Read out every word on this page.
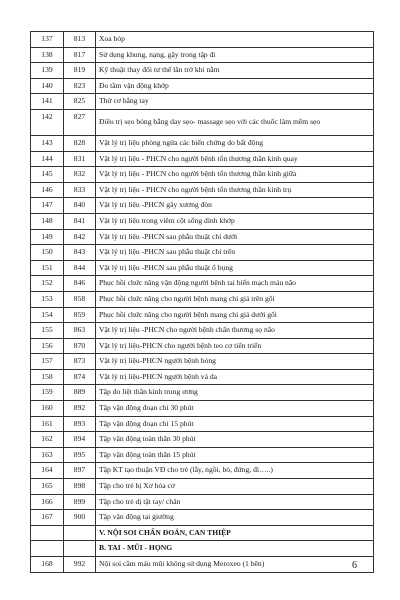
137	813	Xoa bóp
138	817	Sử dụng khung, nạng, gậy trong tập đi
139	819	Kỹ thuật thay đổi tư thế lăn trở khi nằm
140	823	Đo tầm vận động khớp
141	825	Thử cơ bằng tay
142	827	Điều trị sẹo bỏng bằng day sẹo- massage sẹo với các thuốc làm mềm sẹo
143	828	Vật lý trị liệu phòng ngừa các biến chứng do bất động
144	831	Vật lý trị liệu - PHCN cho người bệnh tổn thương thần kinh quay
145	832	Vật lý trị liệu - PHCN cho người bệnh tổn thương thần kinh giữa
146	833	Vật lý trị liệu - PHCN cho người bệnh tổn thương thần kinh trụ
147	840	Vật lý trị liệu -PHCN gãy xương đòn
148	841	Vật lý trị liệu trong viêm cột sống dính khớp
149	842	Vật lý trị liệu -PHCN sau phẫu thuật chi dưới
150	843	Vật lý trị liệu -PHCN sau phẫu thuật chi trên
151	844	Vật lý trị liệu -PHCN sau phẫu thuật ổ bụng
152	846	Phục hồi chức năng vận động người bệnh tai biến mạch máu não
153	858	Phục hồi chức năng cho người bệnh mang chi giả trên gối
154	859	Phục hồi chức năng cho người bệnh mang chi giả dưới gối
155	863	Vật lý trị liệu -PHCN cho người bệnh chấn thương sọ não
156	870	Vật lý trị liệu-PHCN cho người bệnh teo cơ tiến triển
157	873	Vật lý trị liệu-PHCN người bệnh bỏng
158	874	Vật lý trị liệu-PHCN người bệnh vá da
159	889	Tập do liệt thần kinh trung ương
160	892	Tập vận động đoạn chi 30 phút
161	893	Tập vận động đoạn chi 15 phút
162	894	Tập vận động toàn thân 30 phút
163	895	Tập vận động toàn thân 15 phút
164	897	Tập KT tạo thuận VĐ cho trẻ (lẫy, ngồi, bò, đứng, đi…..)
165	898	Tập cho trẻ bị Xơ hóa cơ
166	899	Tập cho trẻ dị tật tay/ chân
167	900	Tập vận động tại giường
		V. NỘI SOI CHẨN ĐOÁN, CAN THIỆP
		B. TAI - MŨI - HỌNG
168	992	Nội soi cầm máu mũi không sử dụng Meroxeo (1 bên)	6
